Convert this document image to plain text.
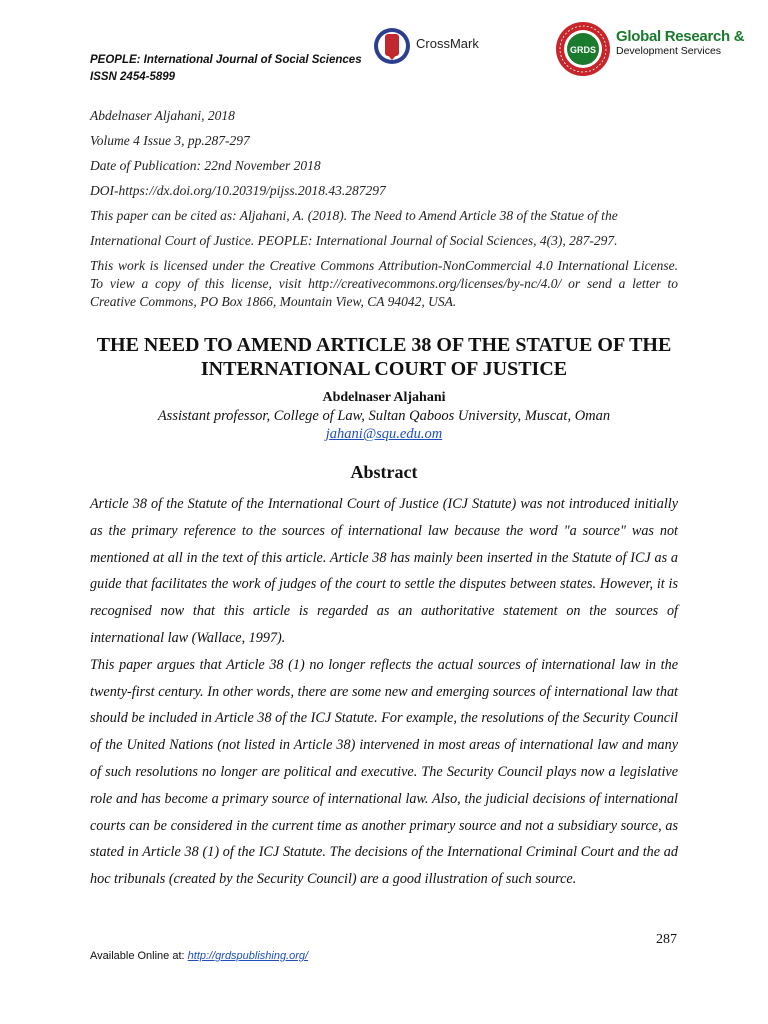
PEOPLE: International Journal of Social Sciences
ISSN 2454-5899
CrossMark	GRDS
Global Research &
Development Services

Abdelnaser Aljahani, 2018

Volume 4 Issue 3, pp.287-297

Date of Publication: 22nd November 2018

DOI-https://dx.doi.org/10.20319/pijss.2018.43.287297

This paper can be cited as: Aljahani, A. (2018). The Need to Amend Article 38 of the Statue of the

International Court of Justice. PEOPLE: International Journal of Social Sciences, 4(3), 287-297.

This work is licensed under the Creative Commons Attribution-NonCommercial 4.0 International License. To view a copy of this license, visit http://creativecommons.org/licenses/by-nc/4.0/ or send a letter to Creative Commons, PO Box 1866, Mountain View, CA 94042, USA.

THE NEED TO AMEND ARTICLE 38 OF THE STATUE OF THE INTERNATIONAL COURT OF JUSTICE
Abdelnaser Aljahani
Assistant professor, College of Law, Sultan Qaboos University, Muscat, Oman
jahani@squ.edu.om
Abstract

Article 38 of the Statute of the International Court of Justice (ICJ Statute) was not introduced initially as the primary reference to the sources of international law because the word "a source" was not mentioned at all in the text of this article. Article 38 has mainly been inserted in the Statute of ICJ as a guide that facilitates the work of judges of the court to settle the disputes between states. However, it is recognised now that this article is regarded as an authoritative statement on the sources of international law (Wallace, 1997).

This paper argues that Article 38 (1) no longer reflects the actual sources of international law in the twenty-first century. In other words, there are some new and emerging sources of international law that should be included in Article 38 of the ICJ Statute. For example, the resolutions of the Security Council of the United Nations (not listed in Article 38) intervened in most areas of international law and many of such resolutions no longer are political and executive. The Security Council plays now a legislative role and has become a primary source of international law. Also, the judicial decisions of international courts can be considered in the current time as another primary source and not a subsidiary source, as stated in Article 38 (1) of the ICJ Statute. The decisions of the International Criminal Court and the ad hoc tribunals (created by the Security Council) are a good illustration of such source.

287
Available Online at: http://grdspublishing.org/
